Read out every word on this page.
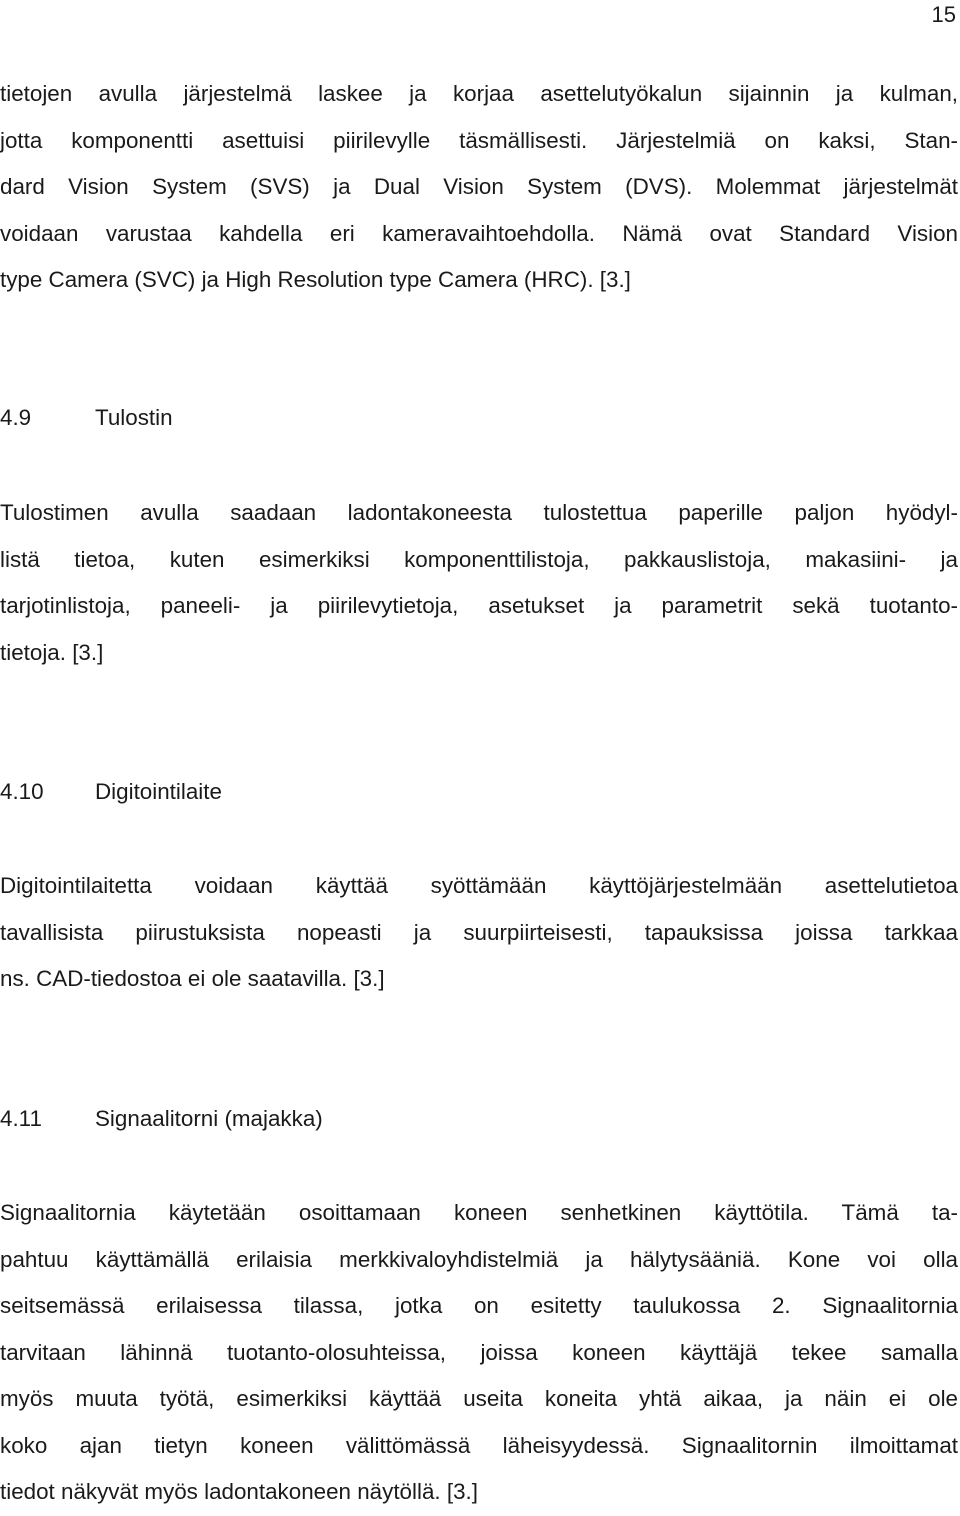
15
tietojen avulla järjestelmä laskee ja korjaa asettelutyökalun sijainnin ja kulman,
jotta komponentti asettuisi piirilevylle täsmällisesti. Järjestelmiä on kaksi, Stan-
dard Vision System (SVS) ja Dual Vision System (DVS). Molemmat järjestelmät
voidaan varustaa kahdella eri kameravaihtoehdolla. Nämä ovat Standard Vision
type Camera (SVC) ja High Resolution type Camera (HRC). [3.]
4.9	Tulostin
Tulostimen avulla saadaan ladontakoneesta tulostettua paperille paljon hyödyl-
listä tietoa, kuten esimerkiksi komponenttilistoja, pakkauslistoja, makasiini- ja
tarjotinlistoja, paneeli- ja piirilevytietoja, asetukset ja parametrit sekä tuotanto-
tietoja. [3.]
4.10 Digitointilaite
Digitointilaitetta voidaan käyttää syöttämään käyttöjärjestelmään asettelutietoa
tavallisista piirustuksista nopeasti ja suurpiirteisesti, tapauksissa joissa tarkkaa
ns. CAD-tiedostoa ei ole saatavilla. [3.]
4.11 Signaalitorni (majakka)
Signaalitornia käytetään osoittamaan koneen senhetkinen käyttötila. Tämä ta-
pahtuu käyttämällä erilaisia merkkivaloyhdistelmiä ja hälytysääniä. Kone voi olla
seitsemässä erilaisessa tilassa, jotka on esitetty taulukossa 2. Signaalitornia
tarvitaan lähinnä tuotanto-olosuhteissa, joissa koneen käyttäjä tekee samalla
myös muuta työtä, esimerkiksi käyttää useita koneita yhtä aikaa, ja näin ei ole
koko ajan tietyn koneen välittömässä läheisyydessä. Signaalitornin ilmoittamat
tiedot näkyvät myös ladontakoneen näytöllä. [3.]
